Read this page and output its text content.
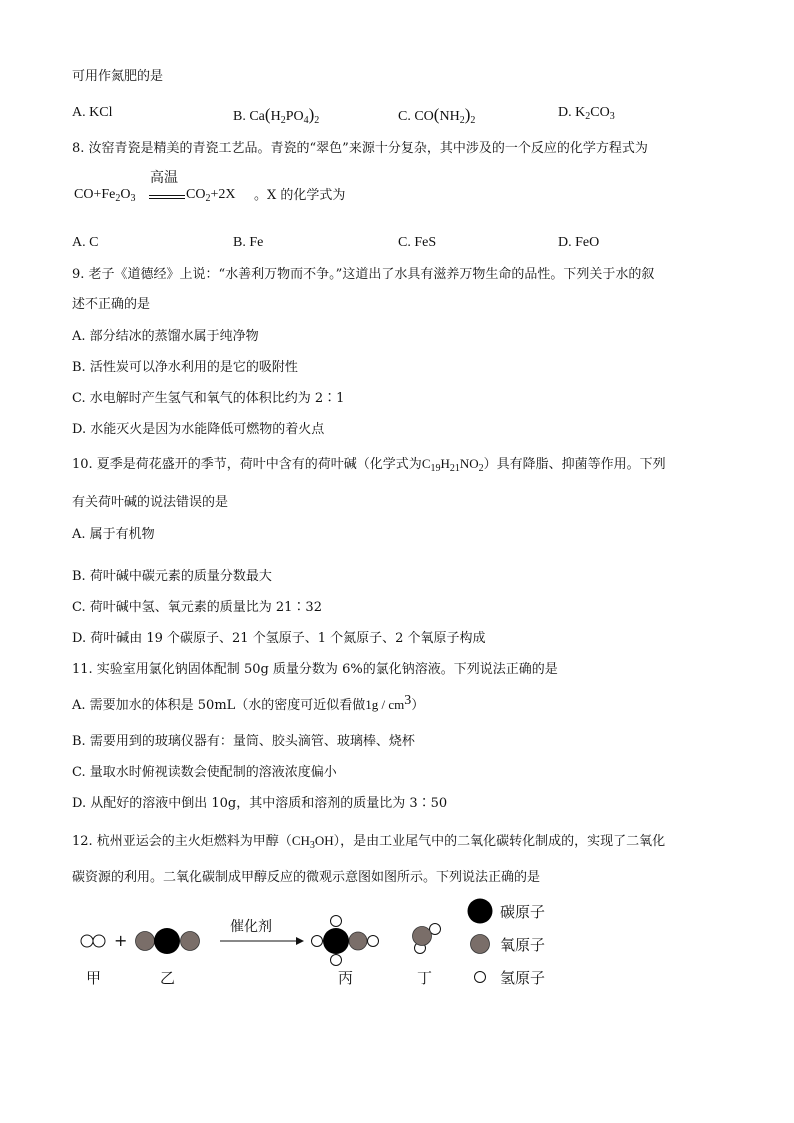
可用作氮肥的是
A. KCl	B. $Ca(H_2PO_4)_2$	C. $CO(NH_2)_2$
D. $K_2CO_3$
8. 汝窑青瓷是精美的青瓷工艺品。青瓷的“翠色”来源十分复杂，其中涉及的一个反应的化学方程式为
$CO+Fe_2O_3$
高温
$CO_2+2X$ 。X 的化学式为
A. C	B. Fe	C. FeS	D. FeO
9. 老子《道德经》上说：“水善利万物而不争。”这道出了水具有滋养万物生命的品性。下列关于水的叙
述不正确的是
A. 部分结冰的蒸馏水属于纯净物
B. 活性炭可以净水利用的是它的吸附性
C. 水电解时产生氢气和氧气的体积比约为 2∶1
D. 水能灭火是因为水能降低可燃物的着火点
10. 夏季是荷花盛开的季节，荷叶中含有的荷叶碱（化学式为$C_{19}H_{21}NO_2$）具有降脂、抑菌等作用。下列
有关荷叶碱的说法错误的是
A. 属于有机物
B. 荷叶碱中碳元素的质量分数最大
C. 荷叶碱中氢、氧元素的质量比为 21∶32
D. 荷叶碱由 19 个碳原子、21 个氢原子、1 个氮原子、2 个氧原子构成
11. 实验室用氯化钠固体配制 50g 质量分数为 6%的氯化钠溶液。下列说法正确的是
A. 需要加水的体积是 50mL（水的密度可近似看做$1g / cm^3$）
B. 需要用到的玻璃仪器有：量筒、胶头滴管、玻璃棒、烧杯
C. 量取水时俯视读数会使配制的溶液浓度偏小
D. 从配好的溶液中倒出 10g，其中溶质和溶剂的质量比为 3∶50
12. 杭州亚运会的主火炬燃料为甲醇$(CH_3OH)$，是由工业尾气中的二氧化碳转化制成的，实现了二氧化
碳资源的利用。二氧化碳制成甲醇反应的微观示意图如图所示。下列说法正确的是
+
催化剂
甲	乙	丙	丁
碳原子
氧原子
氢原子
